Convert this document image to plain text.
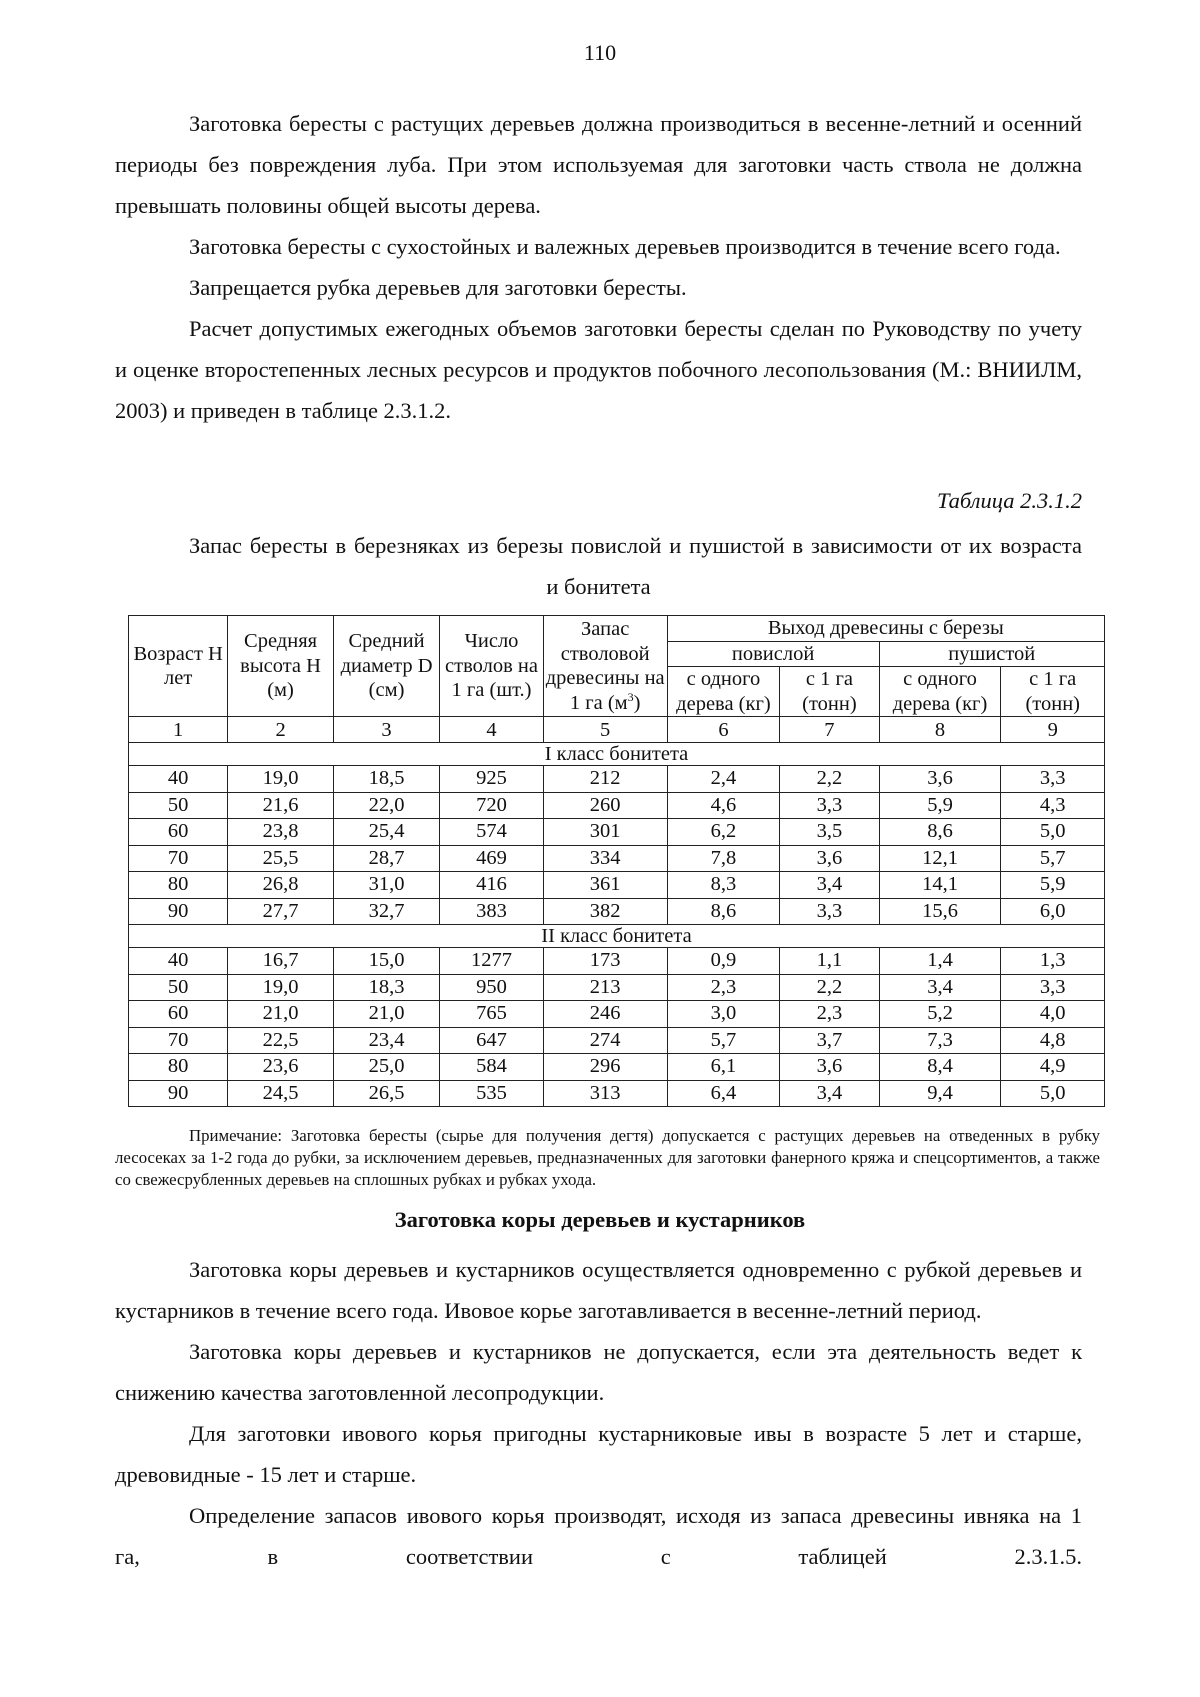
110

Заготовка бересты с растущих деревьев должна производиться в весенне-летний и осенний периоды без повреждения луба. При этом используемая для заготовки часть ствола не должна превышать половины общей высоты дерева.

Заготовка бересты с сухостойных и валежных деревьев производится в течение всего года.

Запрещается рубка деревьев для заготовки бересты.

Расчет допустимых ежегодных объемов заготовки бересты сделан по Руководству по учету и оценке второстепенных лесных ресурсов и продуктов побочного лесопользования (М.: ВНИИЛМ, 2003) и приведен в таблице 2.3.1.2.

Таблица 2.3.1.2
Запас бересты в березняках из березы повислой и пушистой в зависимости от их возраста
и бонитета
Возраст Н лет	Средняя высота Н (м)	Средний диаметр D (см)	Число стволов на 1 га (шт.)	Запас стволовой древесины на 1 га $(м^3)$	Выход древесины с березы			
					повислой		пушистой	
					с одного дерева (кг)	с 1 га (тонн)	с одного дерева (кг)	с 1 га (тонн)

1	2	3	4	5	6	7	8	9
I класс бонитета								
40	19,0	18,5	925	212	2,4	2,2	3,6	3,3
50	21,6	22,0	720	260	4,6	3,3	5,9	4,3
60	23,8	25,4	574	301	6,2	3,5	8,6	5,0
70	25,5	28,7	469	334	7,8	3,6	12,1	5,7
80	26,8	31,0	416	361	8,3	3,4	14,1	5,9
90	27,7	32,7	383	382	8,6	3,3	15,6	6,0
II класс бонитета								
40	16,7	15,0	1277	173	0,9	1,1	1,4	1,3
50	19,0	18,3	950	213	2,3	2,2	3,4	3,3
60	21,0	21,0	765	246	3,0	2,3	5,2	4,0
70	22,5	23,4	647	274	5,7	3,7	7,3	4,8
80	23,6	25,0	584	296	6,1	3,6	8,4	4,9
90	24,5	26,5	535	313	6,4	3,4	9,4	5,0
Примечание: Заготовка бересты (сырье для получения дегтя) допускается с растущих деревьев на отведенных в рубку лесосеках за 1-2 года до рубки, за исключением деревьев, предназначенных для заготовки фанерного кряжа и спецсортиментов, а также со свежесрубленных деревьев на сплошных рубках и рубках ухода.
Заготовка коры деревьев и кустарников

Заготовка коры деревьев и кустарников осуществляется одновременно с рубкой деревьев и кустарников в течение всего года. Ивовое корье заготавливается в весенне-летний период.

Заготовка коры деревьев и кустарников не допускается, если эта деятельность ведет к снижению качества заготовленной лесопродукции.

Для заготовки ивового корья пригодны кустарниковые ивы в возрасте 5 лет и старше, древовидные - 15 лет и старше.

Определение запасов ивового корья производят, исходя из запаса древесины ивняка на 1

га,	в	соответствии	с	таблицей	2.3.1.5.
